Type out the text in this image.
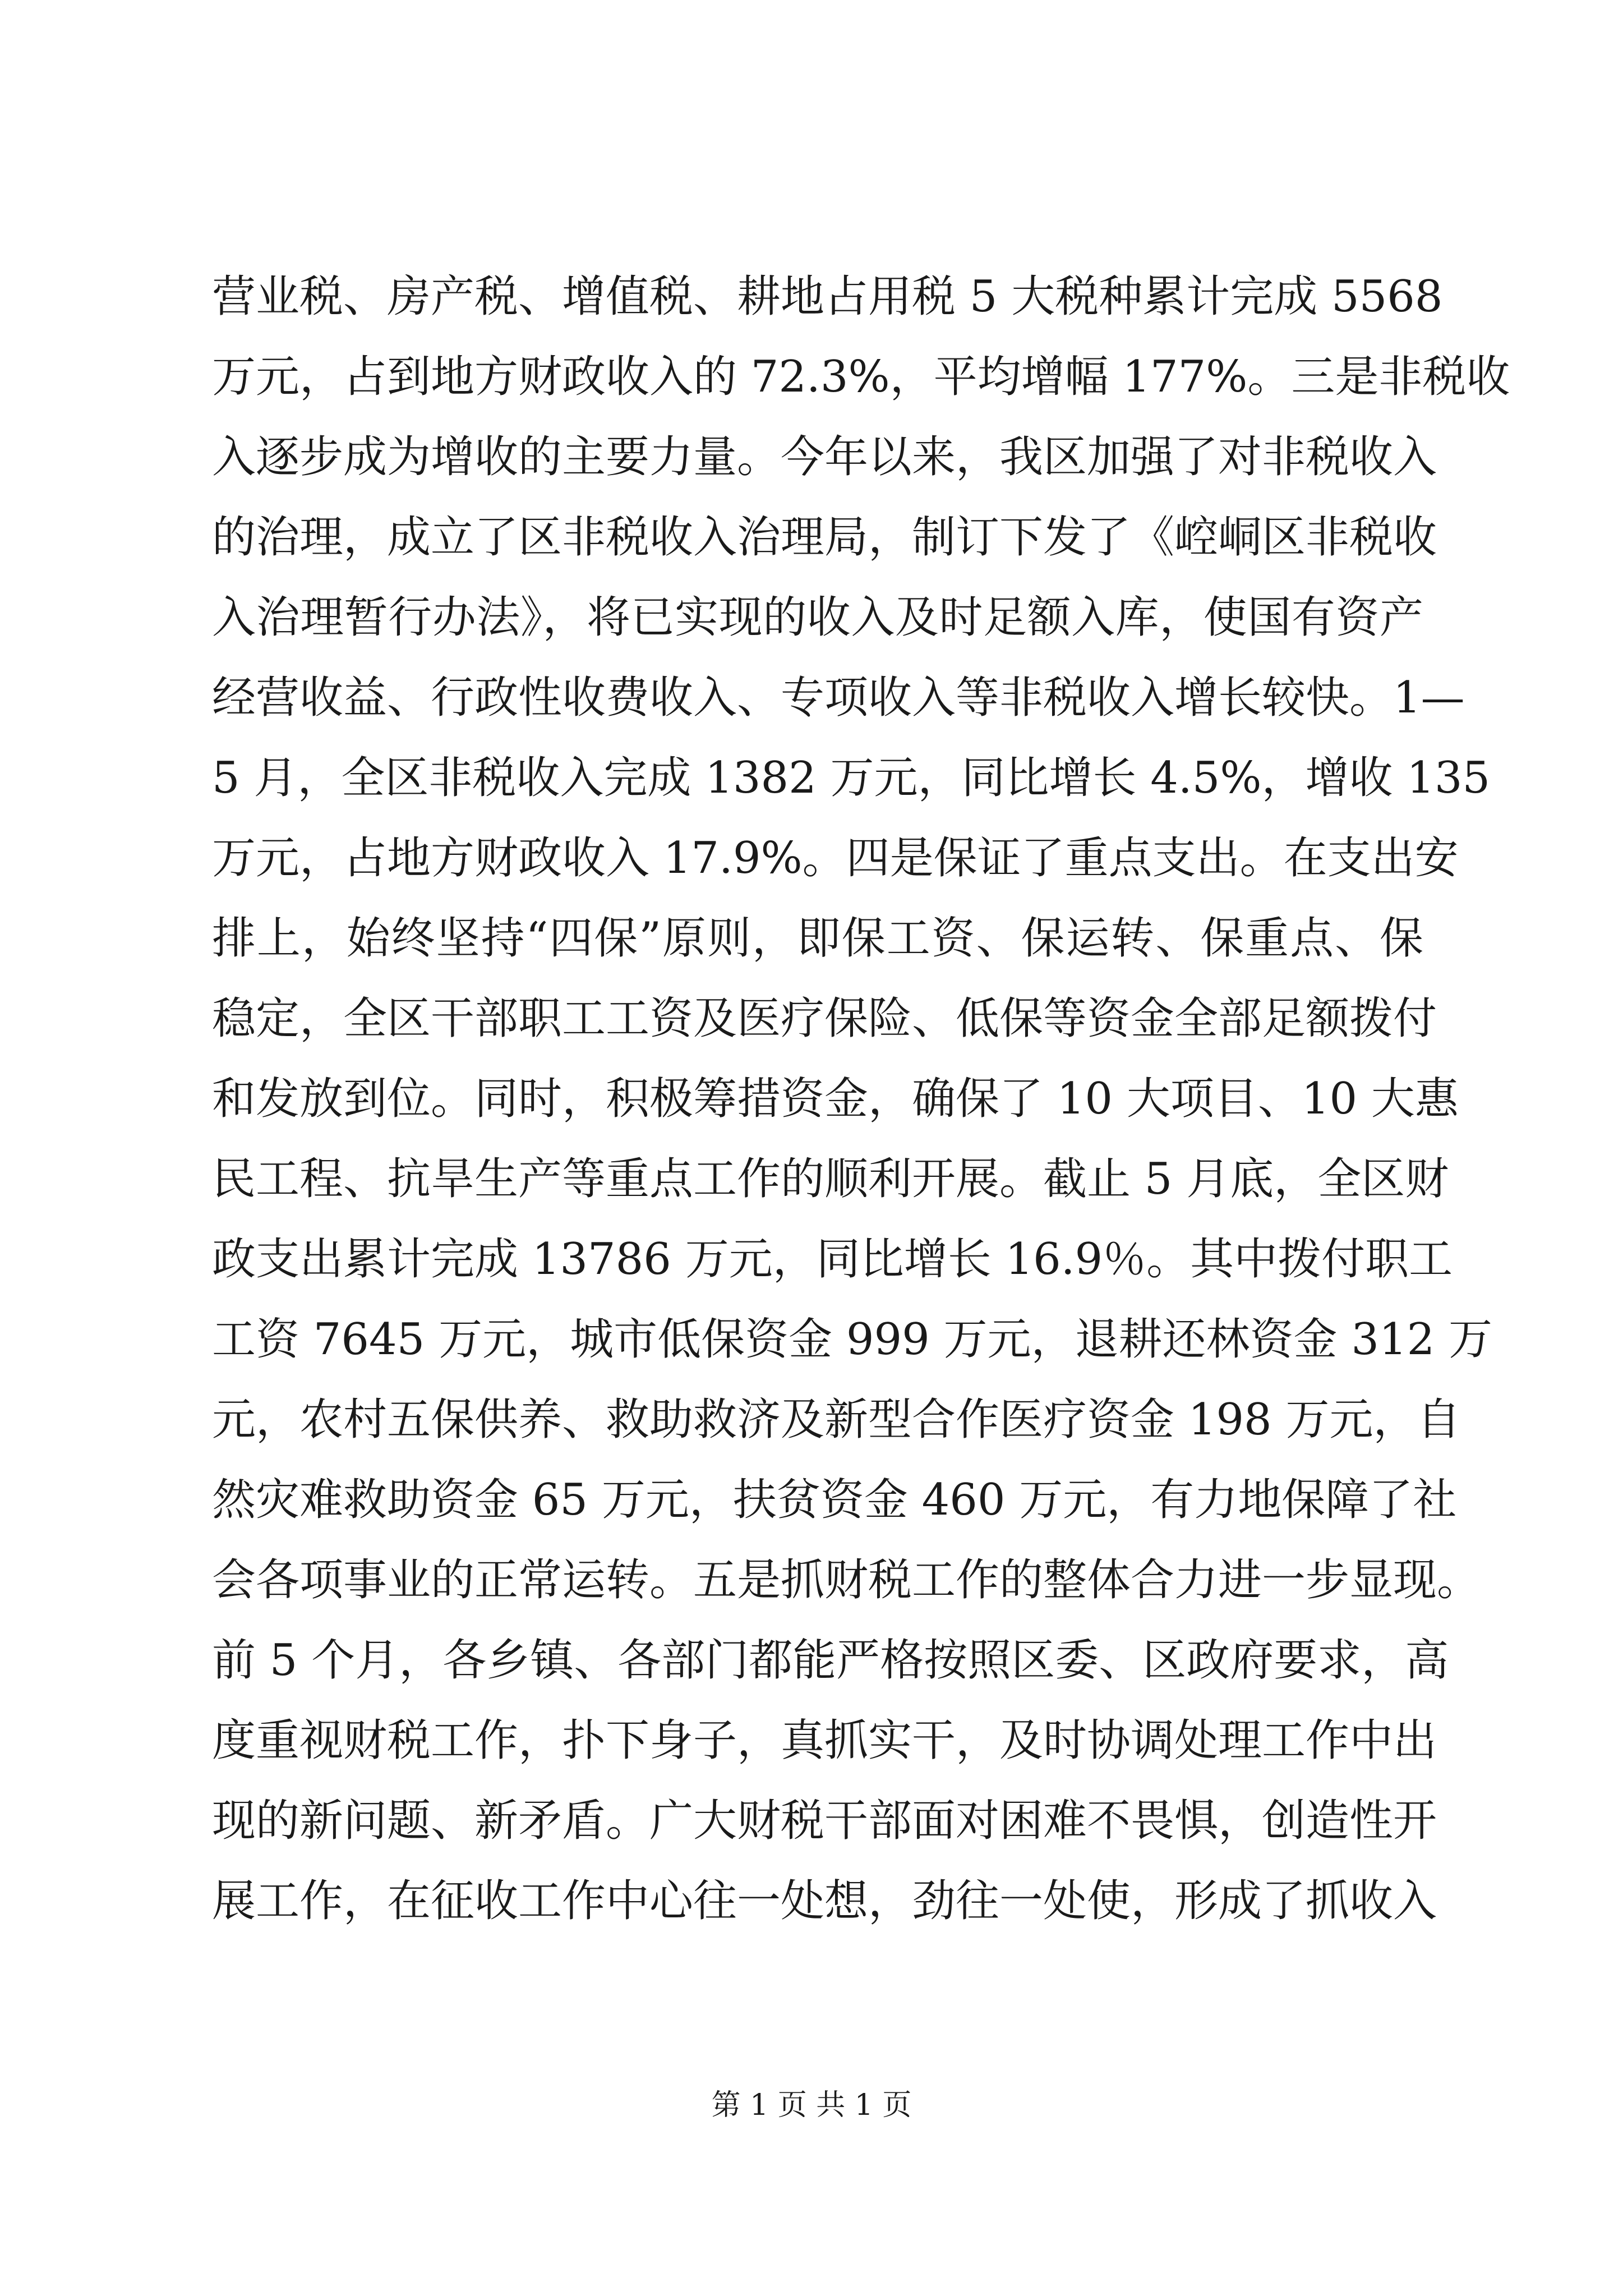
营业税、房产税、增值税、耕地占用税 5 大税种累计完成 5568
万元，占到地方财政收入的 72.3%，平均增幅 177%。三是非税收
入逐步成为增收的主要力量。今年以来，我区加强了对非税收入
的治理，成立了区非税收入治理局，制订下发了《崆峒区非税收
入治理暂行办法》，将已实现的收入及时足额入库，使国有资产
经营收益、行政性收费收入、专项收入等非税收入增长较快。1—
5 月，全区非税收入完成 1382 万元，同比增长 4.5%，增收 135
万元，占地方财政收入 17.9%。四是保证了重点支出。在支出安
排上，始终坚持“四保”原则，即保工资、保运转、保重点、保
稳定，全区干部职工工资及医疗保险、低保等资金全部足额拨付
和发放到位。同时，积极筹措资金，确保了 10 大项目、10 大惠
民工程、抗旱生产等重点工作的顺利开展。截止 5 月底，全区财
政支出累计完成 13786 万元，同比增长 16.9％。其中拨付职工
工资 7645 万元，城市低保资金 999 万元，退耕还林资金 312 万
元，农村五保供养、救助救济及新型合作医疗资金 198 万元，自
然灾难救助资金 65 万元，扶贫资金 460 万元，有力地保障了社
会各项事业的正常运转。五是抓财税工作的整体合力进一步显现。
前 5 个月，各乡镇、各部门都能严格按照区委、区政府要求，高
度重视财税工作，扑下身子，真抓实干，及时协调处理工作中出
现的新问题、新矛盾。广大财税干部面对困难不畏惧，创造性开
展工作，在征收工作中心往一处想，劲往一处使，形成了抓收入
第 1 页 共 1 页
